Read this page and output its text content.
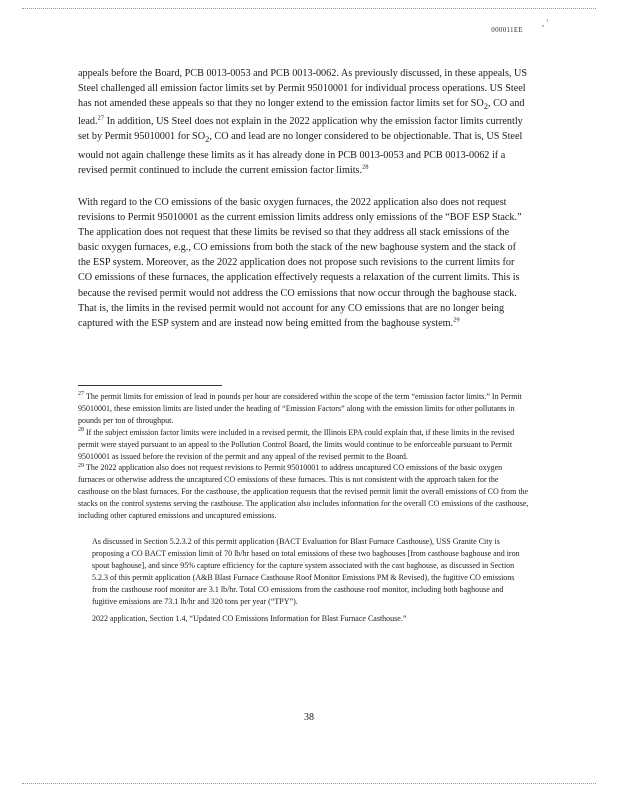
, '
000011EE

appeals before the Board, PCB 0013-0053 and PCB 0013-0062. As previously discussed, in these appeals, US Steel challenged all emission factor limits set by Permit 95010001 for individual process operations. US Steel has not amended these appeals so that they no longer extend to the emission factor limits set for $SO_2$, CO and lead.$^{27}$ In addition, US Steel does not explain in the 2022 application why the emission factor limits currently set by Permit 95010001 for $SO_2$, CO and lead are no longer considered to be objectionable. That is, US Steel would not again challenge these limits as it has already done in PCB 0013-0053 and PCB 0013-0062 if a revised permit continued to include the current emission factor limits.$^{28}$

With regard to the CO emissions of the basic oxygen furnaces, the 2022 application also does not request revisions to Permit 95010001 as the current emission limits address only emissions of the “BOF ESP Stack.” The application does not request that these limits be revised so that they address all stack emissions of the basic oxygen furnaces, e.g., CO emissions from both the stack of the new baghouse system and the stack of the ESP system. Moreover, as the 2022 application does not propose such revisions to the current limits for CO emissions of these furnaces, the application effectively requests a relaxation of the current limits. This is because the revised permit would not address the CO emissions that now occur through the baghouse stack. That is, the limits in the revised permit would not account for any CO emissions that are no longer being captured with the ESP system and are instead now being emitted from the baghouse system.$^{29}$

$^{27}$ The permit limits for emission of lead in pounds per hour are considered within the scope of the term “emission factor limits.” In Permit 95010001, these emission limits are listed under the heading of “Emission Factors” along with the emission limits for other pollutants in pounds per ton of throughput.

$^{28}$ If the subject emission factor limits were included in a revised permit, the Illinois EPA could explain that, if these limits in the revised permit were stayed pursuant to an appeal to the Pollution Control Board, the limits would continue to be enforceable pursuant to Permit 95010001 as issued before the revision of the permit and any appeal of the revised permit to the Board.

$^{29}$ The 2022 application also does not request revisions to Permit 95010001 to address uncaptured CO emissions of the basic oxygen furnaces or otherwise address the uncaptured CO emissions of these furnaces. This is not consistent with the approach taken for the casthouse on the blast furnaces. For the casthouse, the application requests that the revised permit limit the overall emissions of CO from the stacks on the control systems serving the casthouse. The application also includes information for the overall CO emissions of the casthouse, including other captured emissions and uncaptured emissions.

As discussed in Section 5.2.3.2 of this permit application (BACT Evaluation for Blast Furnace Casthouse), USS Granite City is proposing a CO BACT emission limit of 70 lb/hr based on total emissions of these two baghouses [from casthouse baghouse and iron spout baghouse], and since 95% capture efficiency for the capture system associated with the cast baghouse, as discussed in Section 5.2.3 of this permit application (A&B Blast Furnace Casthouse Roof Monitor Emissions PM & Revised), the fugitive CO emissions from the casthouse roof monitor are 3.1 lb/hr. Total CO emissions from the casthouse roof monitor, including both baghouse and fugitive emissions are 73.1 lb/hr and 320 tons per year (“TPY”).

2022 application, Section 1.4, “Updated CO Emissions Information for Blast Furnace Casthouse.”

38
